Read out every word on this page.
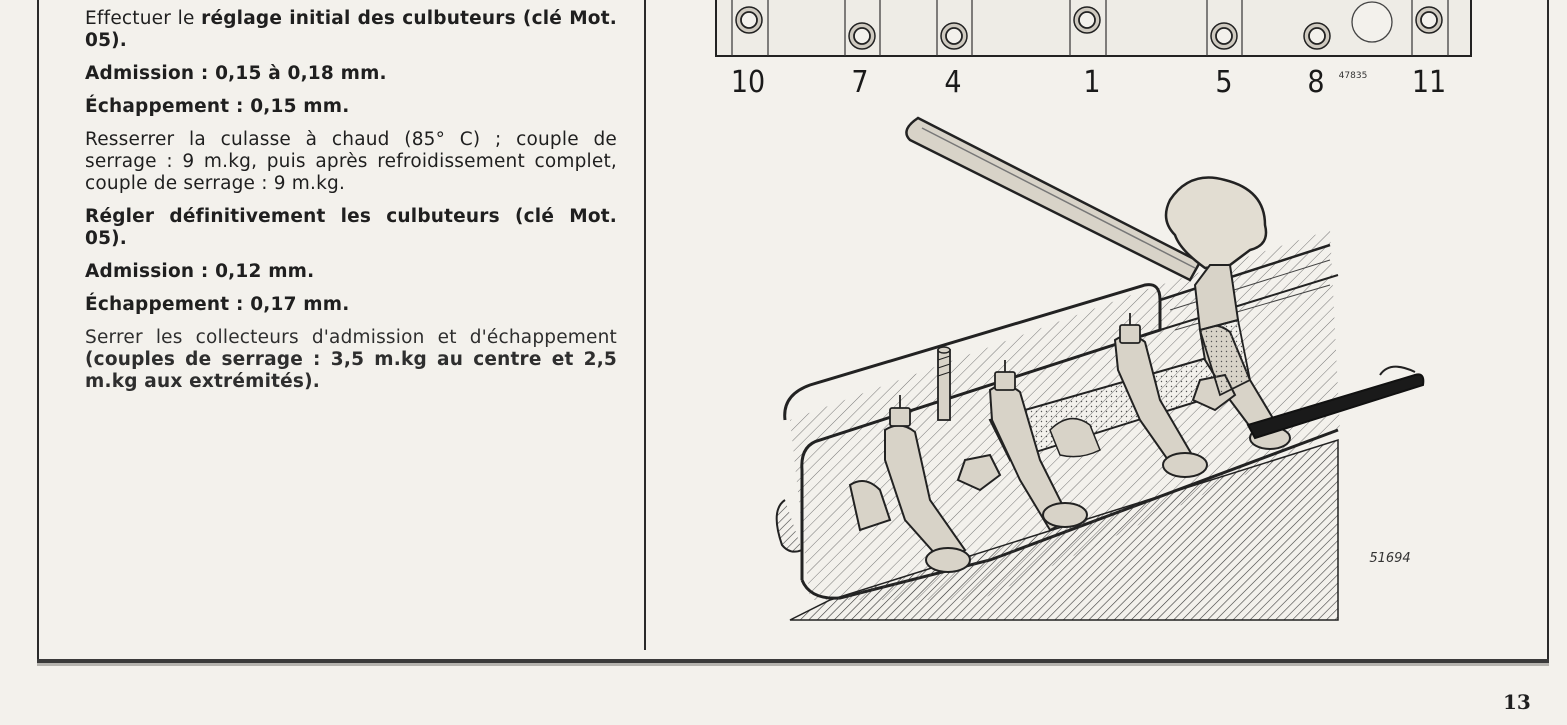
Effectuer le réglage initial des culbuteurs (clé Mot. 05).

Admission : 0,15 à 0,18 mm.

Échappement : 0,15 mm.

Resserrer la culasse à chaud (85° C) ; couple de serrage : 9 m.kg, puis après refroidissement complet, couple de serrage : 9 m.kg.

Régler définitivement les culbuteurs (clé Mot. 05).

Admission : 0,12 mm.

Échappement : 0,17 mm.

Serrer les collecteurs d'admission et d'échappement (couples de serrage : 3,5 m.kg au centre et 2,5 m.kg aux extrémités).

10	7	4	1	5 8	11
47835
51694
13
